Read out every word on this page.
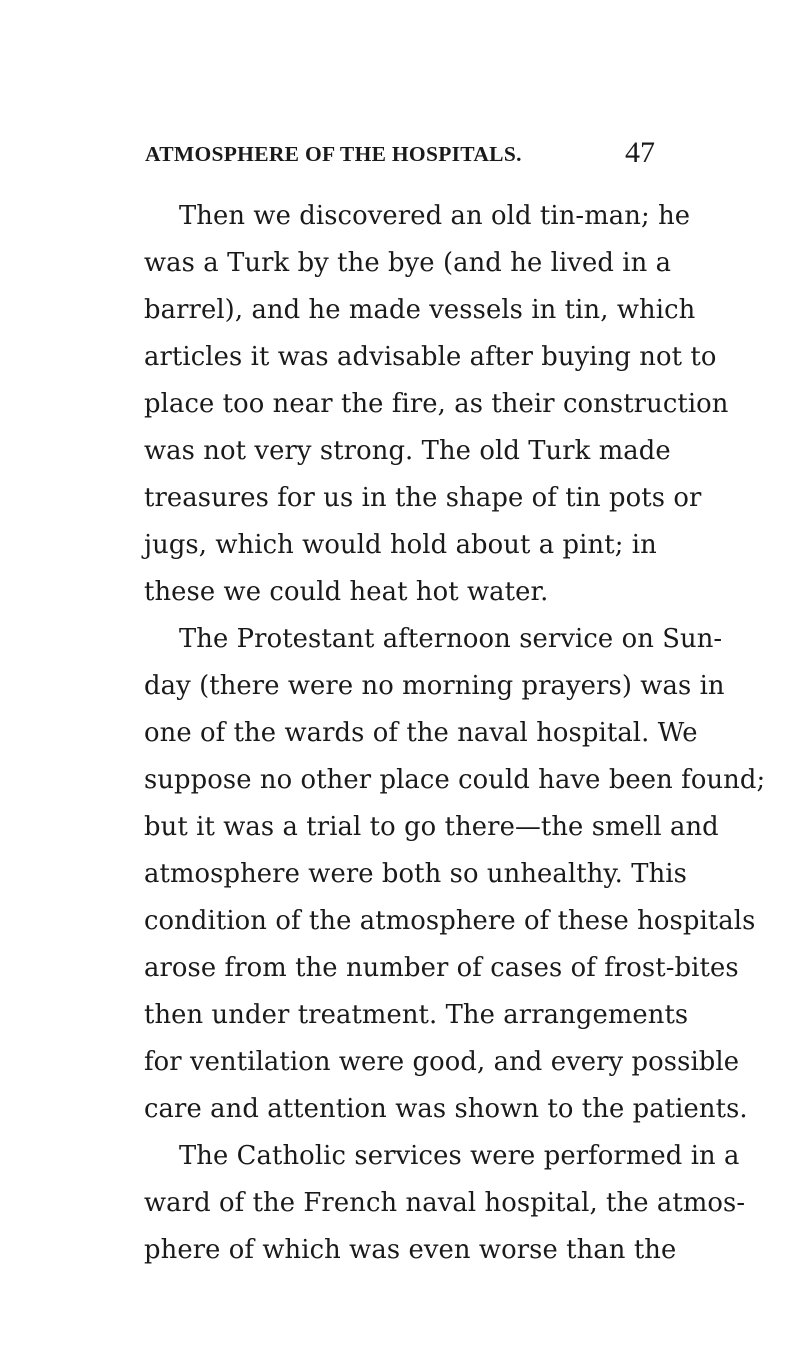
ATMOSPHERE OF THE HOSPITALS.	47
Then we discovered an old tin-man; he
was a Turk by the bye (and he lived in a
barrel), and he made vessels in tin, which
articles it was advisable after buying not to
place too near the fire, as their construction
was not very strong. The old Turk made
treasures for us in the shape of tin pots or
jugs, which would hold about a pint; in
these we could heat hot water.
The Protestant afternoon service on Sun-
day (there were no morning prayers) was in
one of the wards of the naval hospital. We
suppose no other place could have been found;
but it was a trial to go there—the smell and
atmosphere were both so unhealthy. This
condition of the atmosphere of these hospitals
arose from the number of cases of frost-bites
then under treatment. The arrangements
for ventilation were good, and every possible
care and attention was shown to the patients.
The Catholic services were performed in a
ward of the French naval hospital, the atmos-
phere of which was even worse than the
